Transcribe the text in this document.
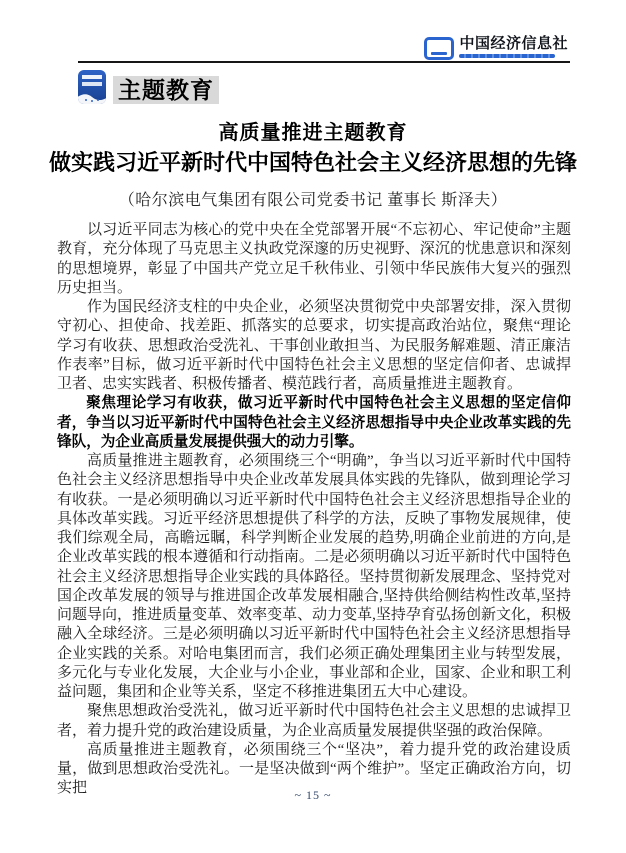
中国经济信息社
主题教育
高质量推进主题教育
做实践习近平新时代中国特色社会主义经济思想的先锋
（哈尔滨电气集团有限公司党委书记 董事长 斯泽夫）

以习近平同志为核心的党中央在全党部署开展“不忘初心、牢记使命”主题教育，充分体现了马克思主义执政党深邃的历史视野、深沉的忧患意识和深刻的思想境界，彰显了中国共产党立足千秋伟业、引领中华民族伟大复兴的强烈历史担当。

作为国民经济支柱的中央企业，必须坚决贯彻党中央部署安排，深入贯彻守初心、担使命、找差距、抓落实的总要求，切实提高政治站位，聚焦“理论学习有收获、思想政治受洗礼、干事创业敢担当、为民服务解难题、清正廉洁作表率”目标，做习近平新时代中国特色社会主义思想的坚定信仰者、忠诚捍卫者、忠实实践者、积极传播者、模范践行者，高质量推进主题教育。

聚焦理论学习有收获，做习近平新时代中国特色社会主义思想的坚定信仰者，争当以习近平新时代中国特色社会主义经济思想指导中央企业改革实践的先锋队，为企业高质量发展提供强大的动力引擎。

高质量推进主题教育，必须围绕三个“明确”，争当以习近平新时代中国特色社会主义经济思想指导中央企业改革发展具体实践的先锋队，做到理论学习有收获。一是必须明确以习近平新时代中国特色社会主义经济思想指导企业的具体改革实践。习近平经济思想提供了科学的方法，反映了事物发展规律，使我们综观全局，高瞻远瞩，科学判断企业发展的趋势,明确企业前进的方向,是企业改革实践的根本遵循和行动指南。二是必须明确以习近平新时代中国特色社会主义经济思想指导企业实践的具体路径。坚持贯彻新发展理念、坚持党对国企改革发展的领导与推进国企改革发展相融合,坚持供给侧结构性改革,坚持问题导向，推进质量变革、效率变革、动力变革,坚持孕育弘扬创新文化，积极融入全球经济。三是必须明确以习近平新时代中国特色社会主义经济思想指导企业实践的关系。对哈电集团而言，我们必须正确处理集团主业与转型发展，多元化与专业化发展，大企业与小企业，事业部和企业，国家、企业和职工利益问题，集团和企业等关系，坚定不移推进集团五大中心建设。

聚焦思想政治受洗礼，做习近平新时代中国特色社会主义思想的忠诚捍卫者，着力提升党的政治建设质量，为企业高质量发展提供坚强的政治保障。

高质量推进主题教育，必须围绕三个“坚决”，着力提升党的政治建设质量，做到思想政治受洗礼。一是坚决做到“两个维护”。坚定正确政治方向，切实把	~ 15 ~
